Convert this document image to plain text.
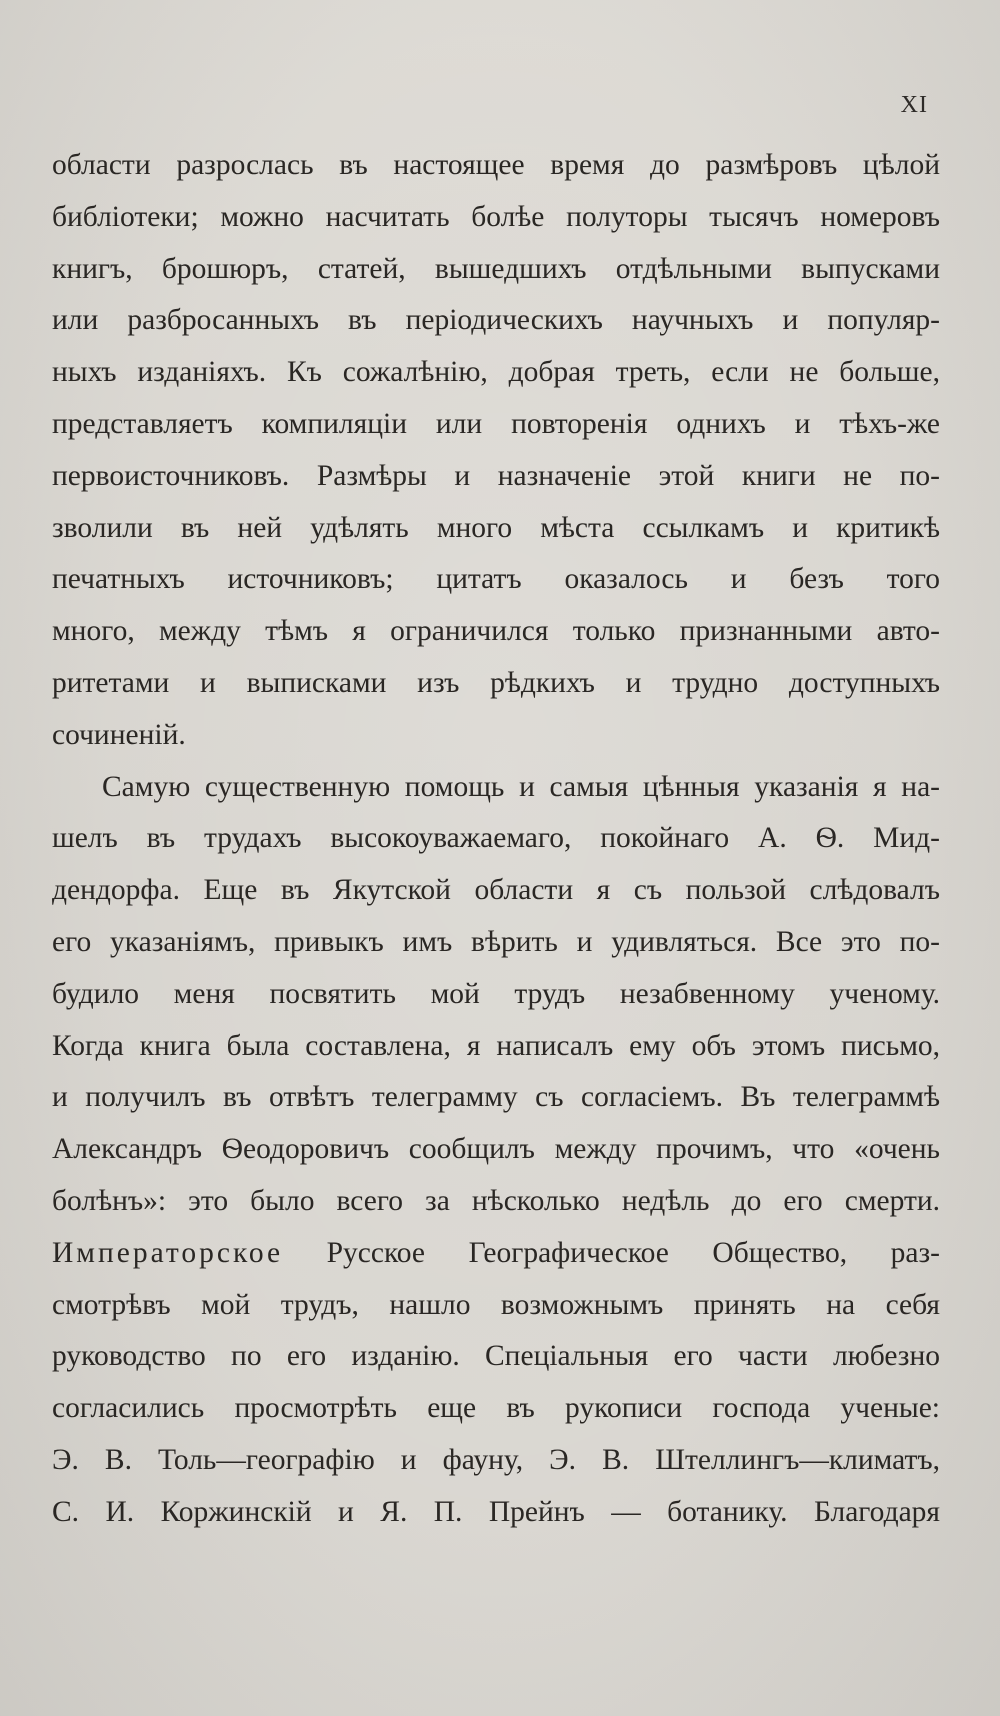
XI
области разрослась въ настоящее время до размѣровъ цѣлой
библіотеки; можно насчитать болѣе полуторы тысячъ номеровъ
книгъ, брошюръ, статей, вышедшихъ отдѣльными выпусками
или разбросанныхъ въ періодическихъ научныхъ и популяр-
ныхъ изданіяхъ. Къ сожалѣнію, добрая треть, если не больше,
представляетъ компиляціи или повторенія однихъ и тѣхъ-же
первоисточниковъ. Размѣры и назначеніе этой книги не по-
зволили въ ней удѣлять много мѣста ссылкамъ и критикѣ
печатныхъ источниковъ; цитатъ оказалось и безъ того
много, между тѣмъ я ограничился только признанными авто-
ритетами и выписками изъ рѣдкихъ и трудно доступныхъ
сочиненій.
Самую существенную помощь и самыя цѣнныя указанія я на-
шелъ въ трудахъ высокоуважаемаго, покойнаго А. Ѳ. Мид-
дендорфа. Еще въ Якутской области я съ пользой слѣдовалъ
его указаніямъ, привыкъ имъ вѣрить и удивляться. Все это по-
будило меня посвятить мой трудъ незабвенному ученому.
Когда книга была составлена, я написалъ ему объ этомъ письмо,
и получилъ въ отвѣтъ телеграмму съ согласіемъ. Въ телеграммѣ
Александръ Ѳеодоровичъ сообщилъ между прочимъ, что «очень
болѣнъ»: это было всего за нѣсколько недѣль до его смерти.
Императорское Русское Географическое Общество, раз-
смотрѣвъ мой трудъ, нашло возможнымъ принять на себя
руководство по его изданію. Спеціальныя его части любезно
согласились просмотрѣть еще въ рукописи господа ученые:
Э. В. Толь—географію и фауну, Э. В. Штеллингъ—климатъ,
С. И. Коржинскій и Я. П. Прейнъ — ботанику. Благодаря
